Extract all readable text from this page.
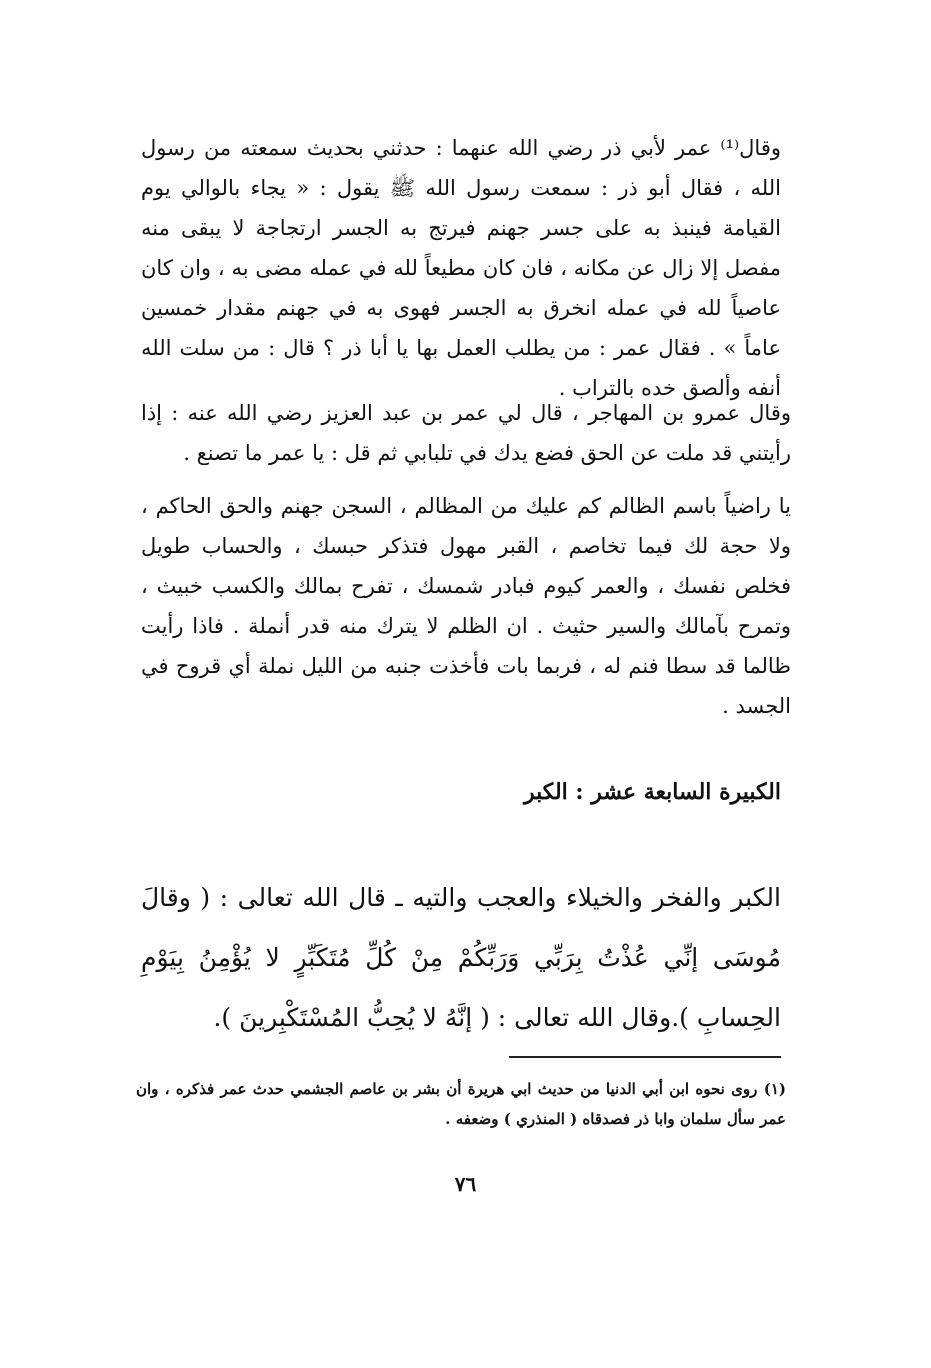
وقال⁽¹⁾ عمر لأبي ذر رضي الله عنهما : حدثني بحديث سمعته من رسول الله ، فقال أبو ذر : سمعت رسول الله ﷺ يقول : « يجاء بالوالي يوم القيامة فينبذ به على جسر جهنم فيرتج به الجسر ارتجاجة لا يبقى منه مفصل إلا زال عن مكانه ، فان كان مطيعاً لله في عمله مضى به ، وان كان عاصياً لله في عمله انخرق به الجسر فهوى به في جهنم مقدار خمسين عاماً » . فقال عمر : من يطلب العمل بها يا أبا ذر ؟ قال : من سلت الله أنفه وألصق خده بالتراب .

وقال عمرو بن المهاجر ، قال لي عمر بن عبد العزيز رضي الله عنه : إذا رأيتني قد ملت عن الحق فضع يدك في تلبابي ثم قل : يا عمر ما تصنع .

يا راضياً باسم الظالم كم عليك من المظالم ، السجن جهنم والحق الحاكم ، ولا حجة لك فيما تخاصم ، القبر مهول فتذكر حبسك ، والحساب طويل فخلص نفسك ، والعمر كيوم فبادر شمسك ، تفرح بمالك والكسب خبيث ، وتمرح بآمالك والسير حثيث . ان الظلم لا يترك منه قدر أنملة . فاذا رأيت ظالما قد سطا فنم له ، فربما بات فأخذت جنبه من الليل نملة أي قروح في الجسد .

الكبيرة السابعة عشر : الكبر

الكبر والفخر والخيلاء والعجب والتيه ـ قال الله تعالى : ( وقالَ مُوسَى إنِّي عُذْتُ بِرَبِّي وَرَبِّكُمْ مِنْ كُلِّ مُتَكَبِّرٍ لا يُؤْمِنُ بِيَوْمِ الحِسابِ ).وقال الله تعالى : ( إنَّهُ لا يُحِبُّ المُسْتَكْبِرينَ ).

(١) روى نحوه ابن أبي الدنيا من حديث ابي هريرة أن بشر بن عاصم الجشمي حدث عمر فذكره ، وان عمر سأل سلمان وابا ذر فصدقاه ( المنذري ) وضعفه .

٧٦
